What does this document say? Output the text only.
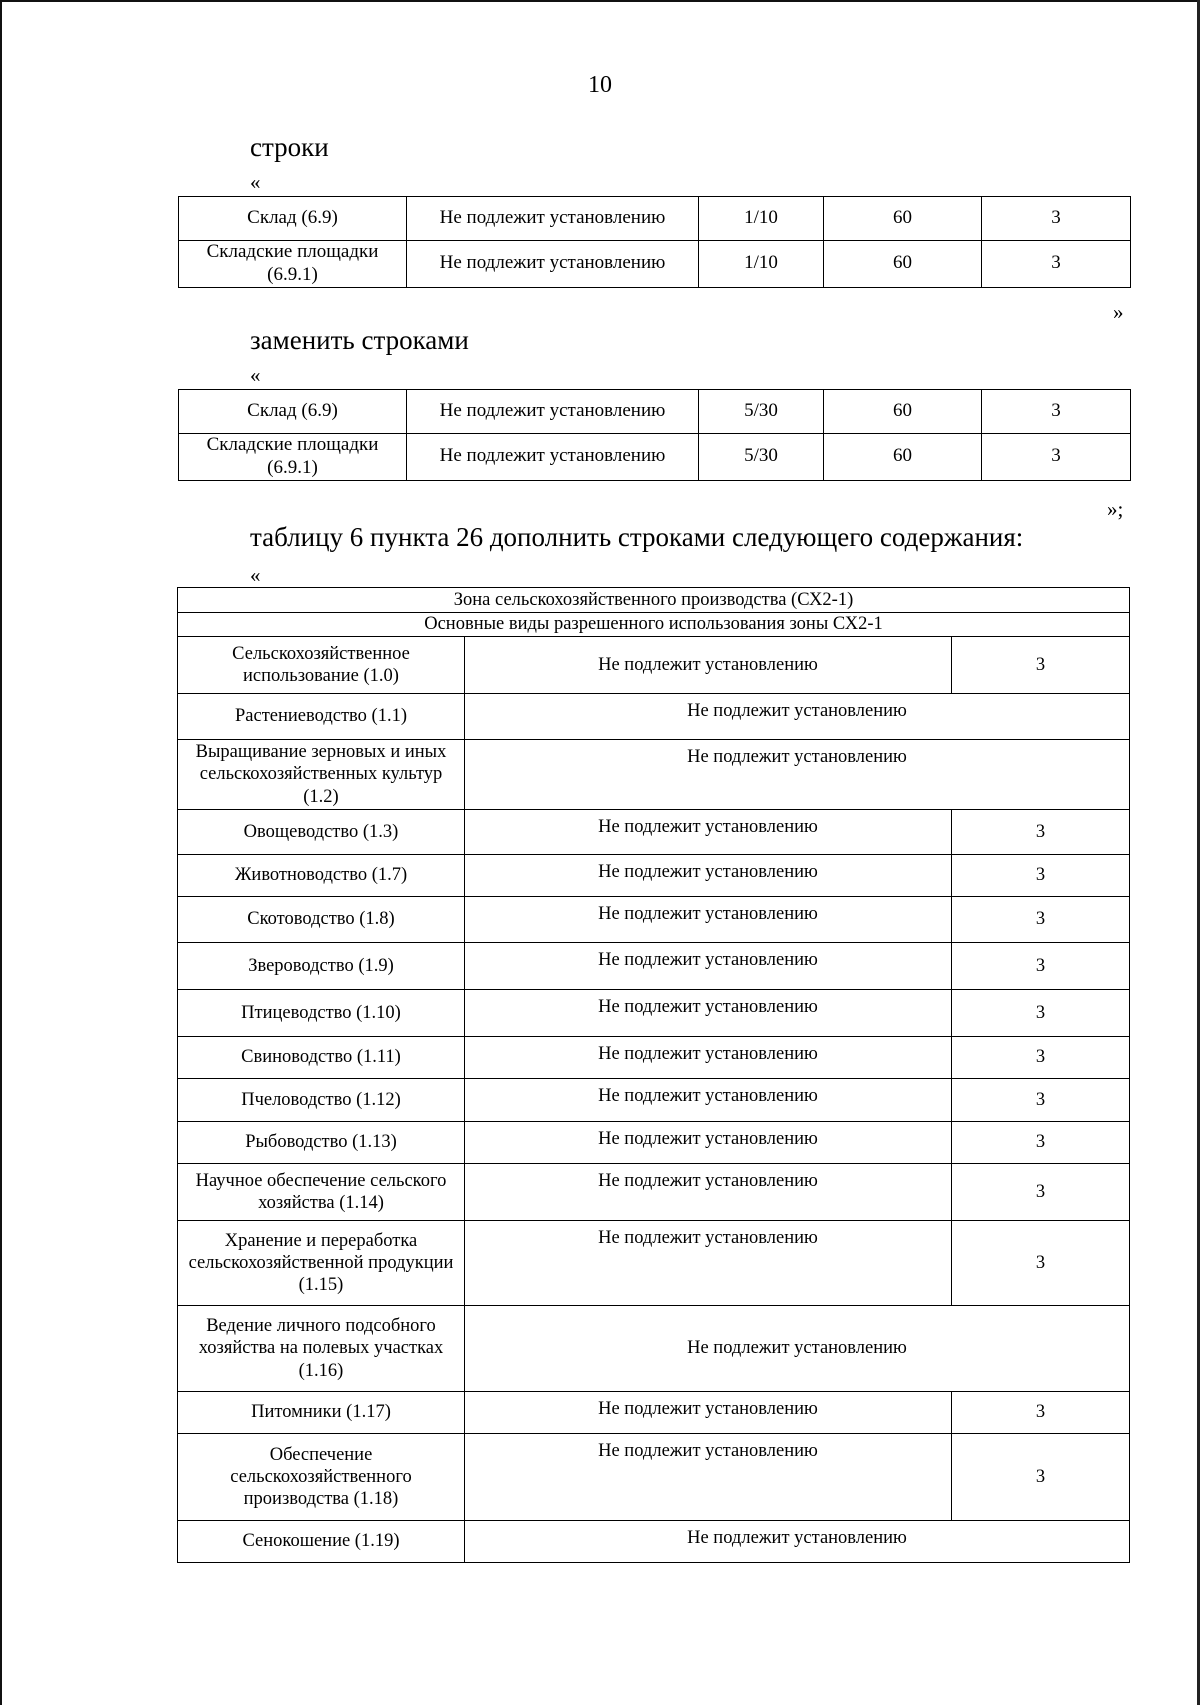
10
строки
«
Склад (6.9)	Не подлежит установлению	1/10	60	3
Складские площадки (6.9.1)	Не подлежит установлению	1/10	60	3
»
заменить строками
«
Склад (6.9)	Не подлежит установлению	5/30	60	3
Складские площадки (6.9.1)	Не подлежит установлению	5/30	60	3
»;
таблицу 6 пункта 26 дополнить строками следующего содержания:
«
Зона сельскохозяйственного производства (СХ2-1)		
Основные виды разрешенного использования зоны СХ2-1		
Сельскохозяйственное использование (1.0)	Не подлежит установлению	3
Растениеводство (1.1)	Не подлежит установлению	
Выращивание зерновых и иных сельскохозяйственных культур (1.2)	Не подлежит установлению	
Овощеводство (1.3)	Не подлежит установлению	3
Животноводство (1.7)	Не подлежит установлению	3
Скотоводство (1.8)	Не подлежит установлению	3
Звероводство (1.9)	Не подлежит установлению	3
Птицеводство (1.10)	Не подлежит установлению	3
Свиноводство (1.11)	Не подлежит установлению	3
Пчеловодство (1.12)	Не подлежит установлению	3
Рыбоводство (1.13)	Не подлежит установлению	3
Научное обеспечение сельского хозяйства (1.14)	Не подлежит установлению	3
Хранение и переработка сельскохозяйственной продукции (1.15)	Не подлежит установлению	3
Ведение личного подсобного хозяйства на полевых участках (1.16)	Не подлежит установлению	
Питомники (1.17)	Не подлежит установлению	3
Обеспечение сельскохозяйственного производства (1.18)	Не подлежит установлению	3
Сенокошение (1.19)	Не подлежит установлению	
